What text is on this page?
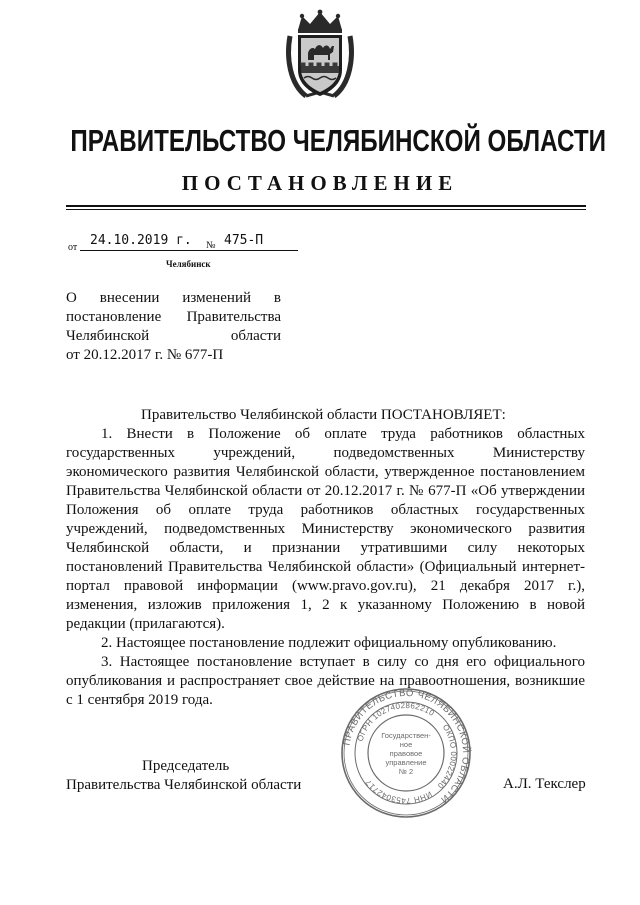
ПРАВИТЕЛЬСТВО ЧЕЛЯБИНСКОЙ ОБЛАСТИ
ПОСТАНОВЛЕНИЕ
от 24.10.2019 г. № 475-П
Челябинск
О внесении изменений в
постановление Правительства
Челябинской области
от 20.12.2017 г. № 677-П

Правительство Челябинской области ПОСТАНОВЛЯЕТ:

1. Внести в Положение об оплате труда работников областных государственных учреждений, подведомственных Министерству экономического развития Челябинской области, утвержденное постановлением Правительства Челябинской области от 20.12.2017 г. № 677-П «Об утверждении Положения об оплате труда работников областных государственных учреждений, подведомственных Министерству экономического развития Челябинской области, и признании утратившими силу некоторых постановлений Правительства Челябинской области» (Официальный интернет-портал правовой информации (www.pravo.gov.ru), 21 декабря 2017 г.), изменения, изложив приложения 1, 2 к указанному Положению в новой редакции (прилагаются).

2. Настоящее постановление подлежит официальному опубликованию.

3. Настоящее постановление вступает в силу со дня его официального опубликования и распространяет свое действие на правоотношения, возникшие с 1 сентября 2019 года.

Председатель
Правительства Челябинской области	А.Л. Текслер
ПРАВИТЕЛЬСТВО ЧЕЛЯБИНСКОЙ ОБЛАСТИ
ОГРН 1027402862210
ОКПО 00022440
ИНН 7453042717
Государствен-
ное
правовое
управление
№ 2
